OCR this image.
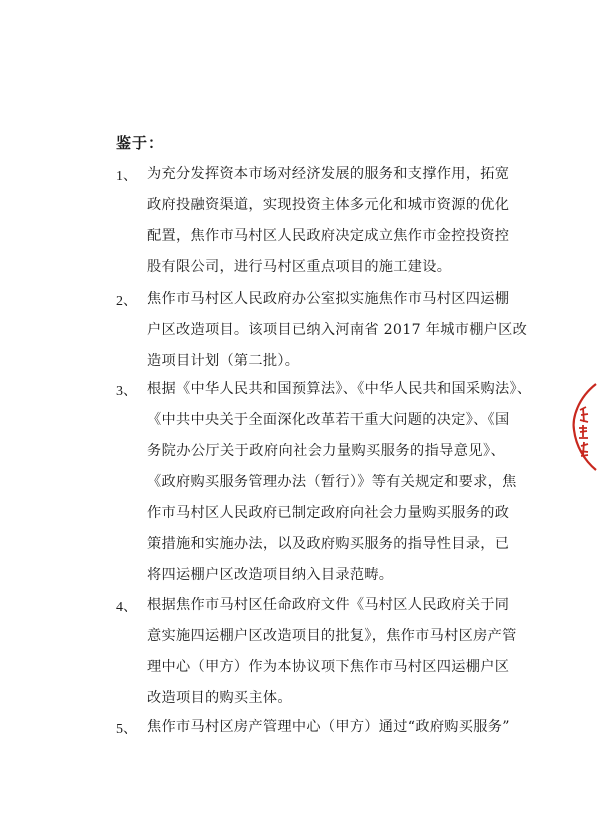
鉴于：
1、 为充分发挥资本市场对经济发展的服务和支撑作用，拓宽
政府投融资渠道，实现投资主体多元化和城市资源的优化
配置，焦作市马村区人民政府决定成立焦作市金控投资控
股有限公司，进行马村区重点项目的施工建设。
2、 焦作市马村区人民政府办公室拟实施焦作市马村区四运棚
户区改造项目。该项目已纳入河南省 2017 年城市棚户区改
造项目计划（第二批）。
3、 根据《中华人民共和国预算法》、《中华人民共和国采购法》、
《中共中央关于全面深化改革若干重大问题的决定》、《国
务院办公厅关于政府向社会力量购买服务的指导意见》、
《政府购买服务管理办法（暂行）》等有关规定和要求，焦
作市马村区人民政府已制定政府向社会力量购买服务的政
策措施和实施办法，以及政府购买服务的指导性目录，已
将四运棚户区改造项目纳入目录范畴。
4、 根据焦作市马村区任命政府文件《马村区人民政府关于同
意实施四运棚户区改造项目的批复》，焦作市马村区房产管
理中心（甲方）作为本协议项下焦作市马村区四运棚户区
改造项目的购买主体。
5、 焦作市马村区房产管理中心（甲方）通过“政府购买服务”
